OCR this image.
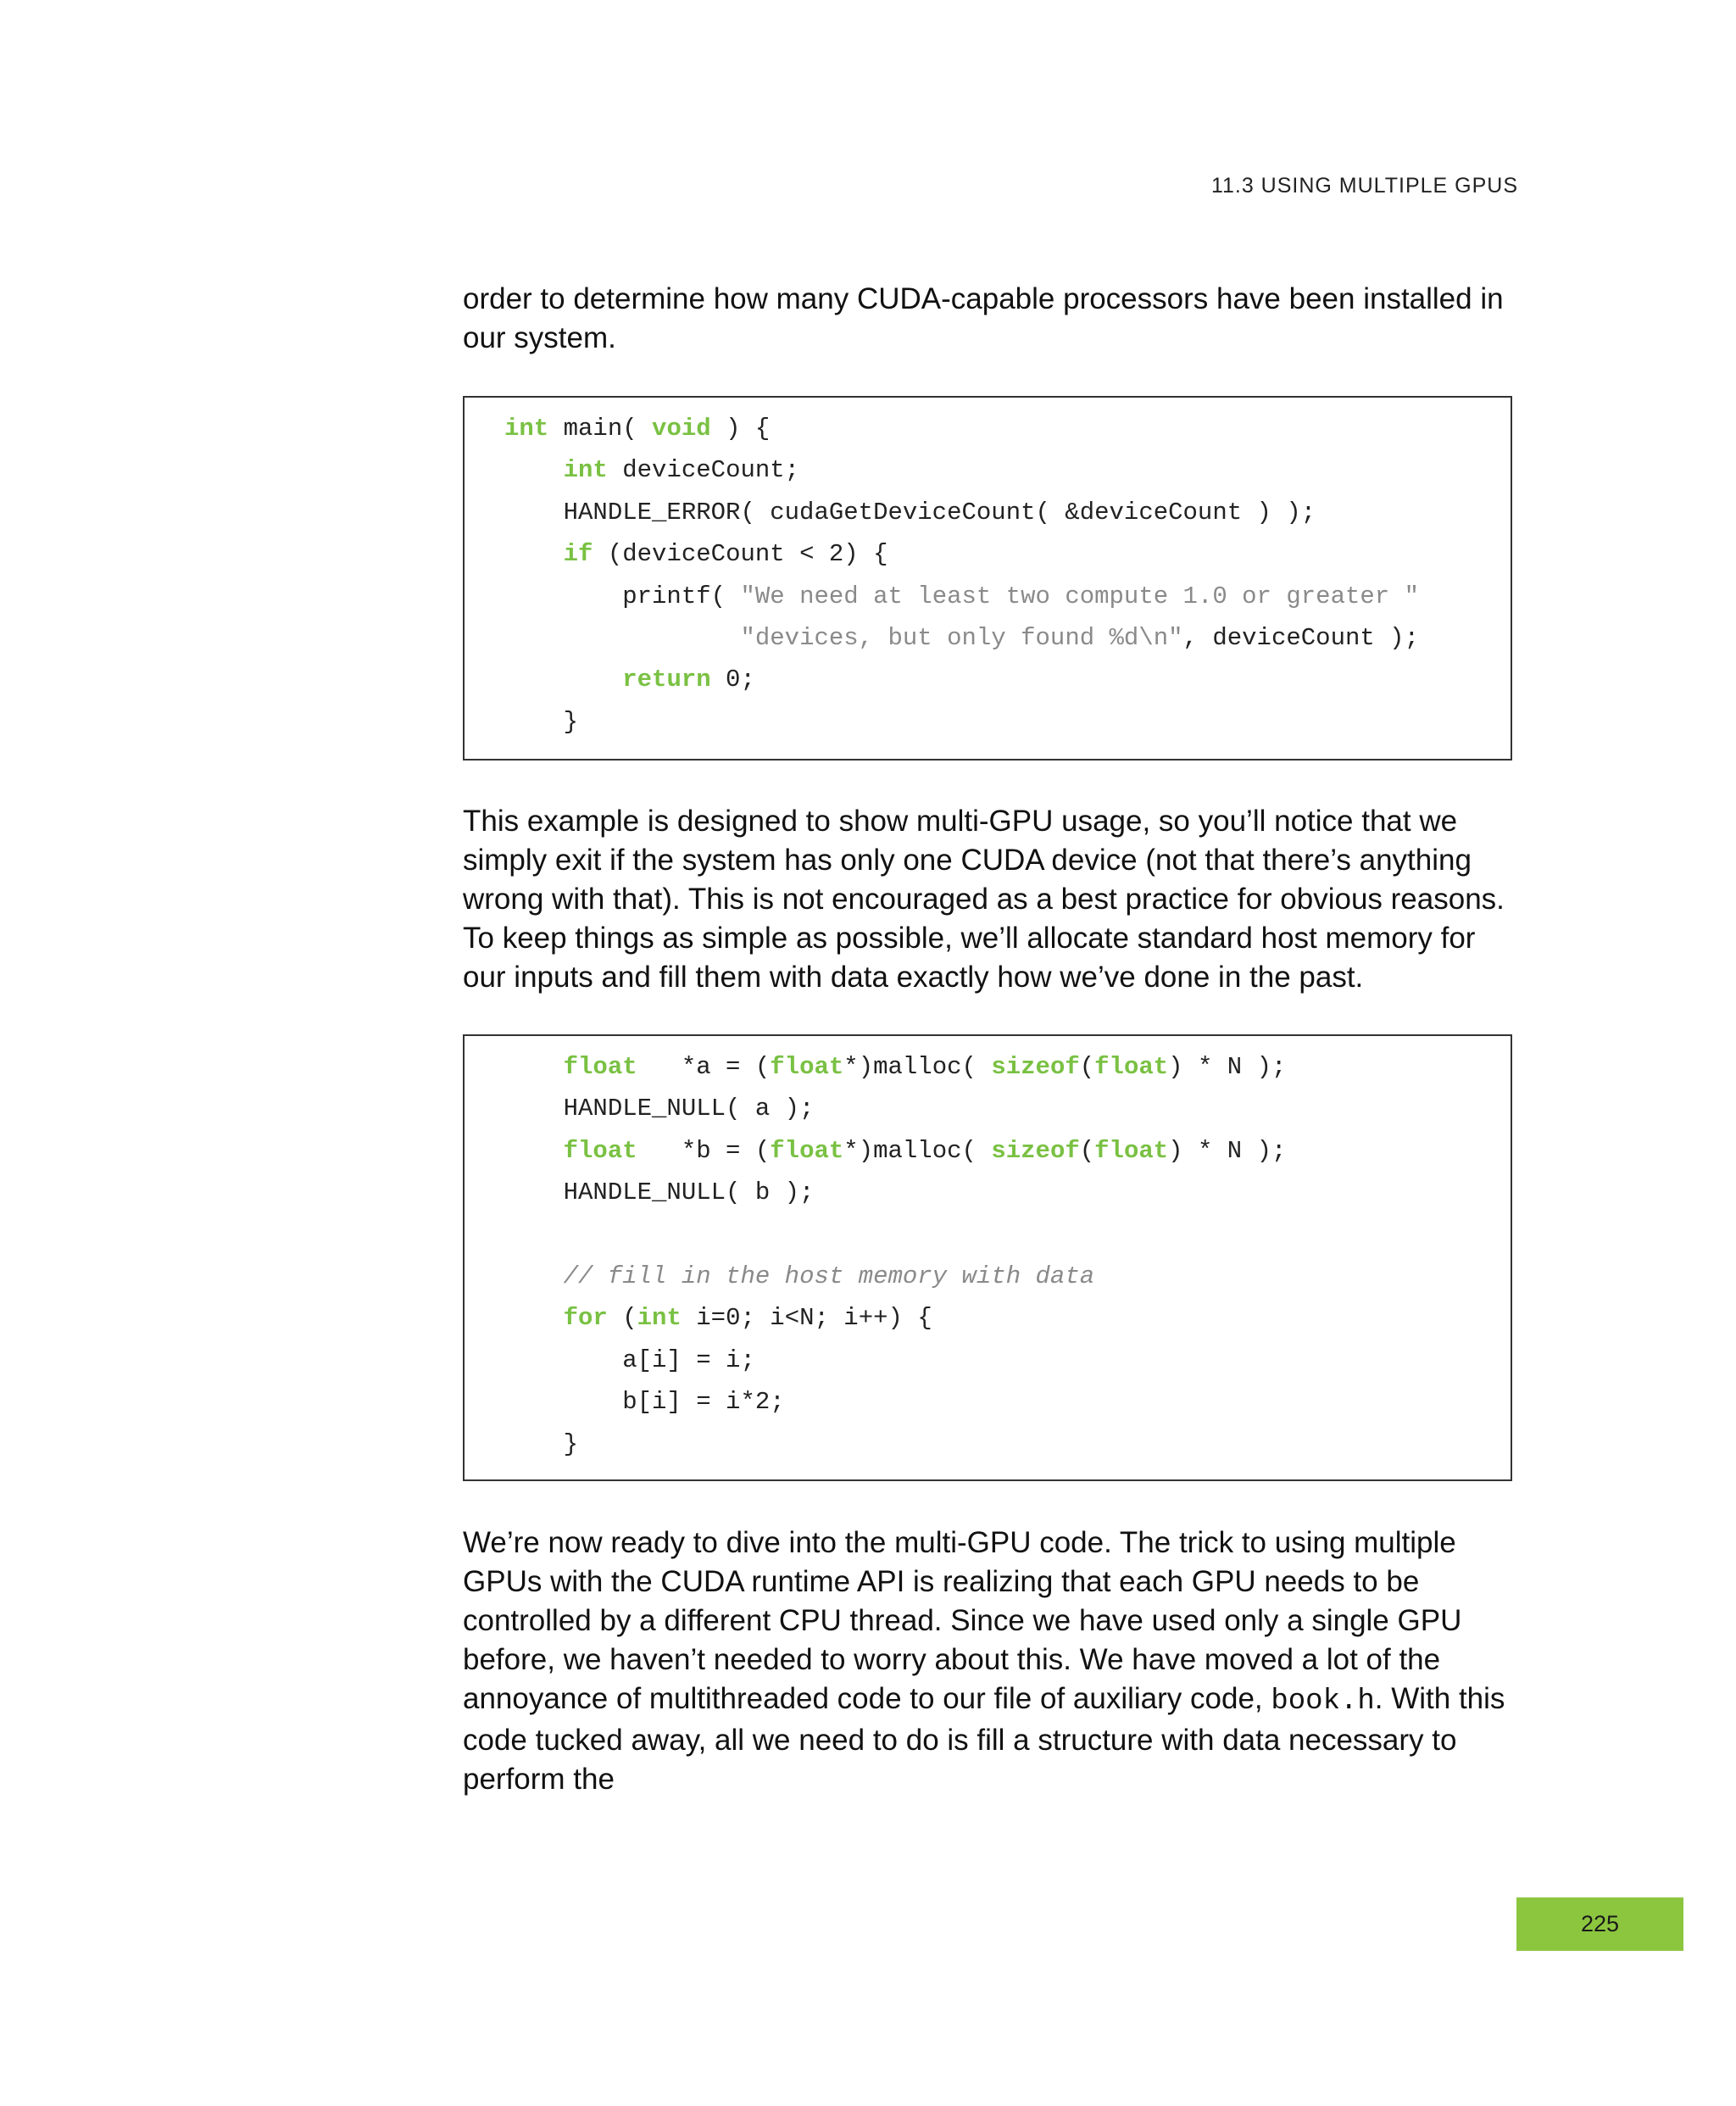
11.3 USING MULTIPLE GPUS

order to determine how many CUDA-capable processors have been installed in our system.

int main( void ) {
int deviceCount;
HANDLE_ERROR( cudaGetDeviceCount( &deviceCount ) );
if (deviceCount < 2) {
printf( "We need at least two compute 1.0 or greater "
"devices, but only found %d\n", deviceCount );
return 0;
}

This example is designed to show multi-GPU usage, so you’ll notice that we simply exit if the system has only one CUDA device (not that there’s anything wrong with that). This is not encouraged as a best practice for obvious reasons. To keep things as simple as possible, we’ll allocate standard host memory for our inputs and fill them with data exactly how we’ve done in the past.

float   *a = (float*)malloc( sizeof(float) * N );
HANDLE_NULL( a );
float   *b = (float*)malloc( sizeof(float) * N );
HANDLE_NULL( b );
// fill in the host memory with data
for (int i=0; i<N; i++) {
a[i] = i;
b[i] = i*2;
}

We’re now ready to dive into the multi-GPU code. The trick to using multiple GPUs with the CUDA runtime API is realizing that each GPU needs to be controlled by a different CPU thread. Since we have used only a single GPU before, we haven’t needed to worry about this. We have moved a lot of the annoyance of multithreaded code to our file of auxiliary code, book.h. With this code tucked away, all we need to do is fill a structure with data necessary to perform the

225
